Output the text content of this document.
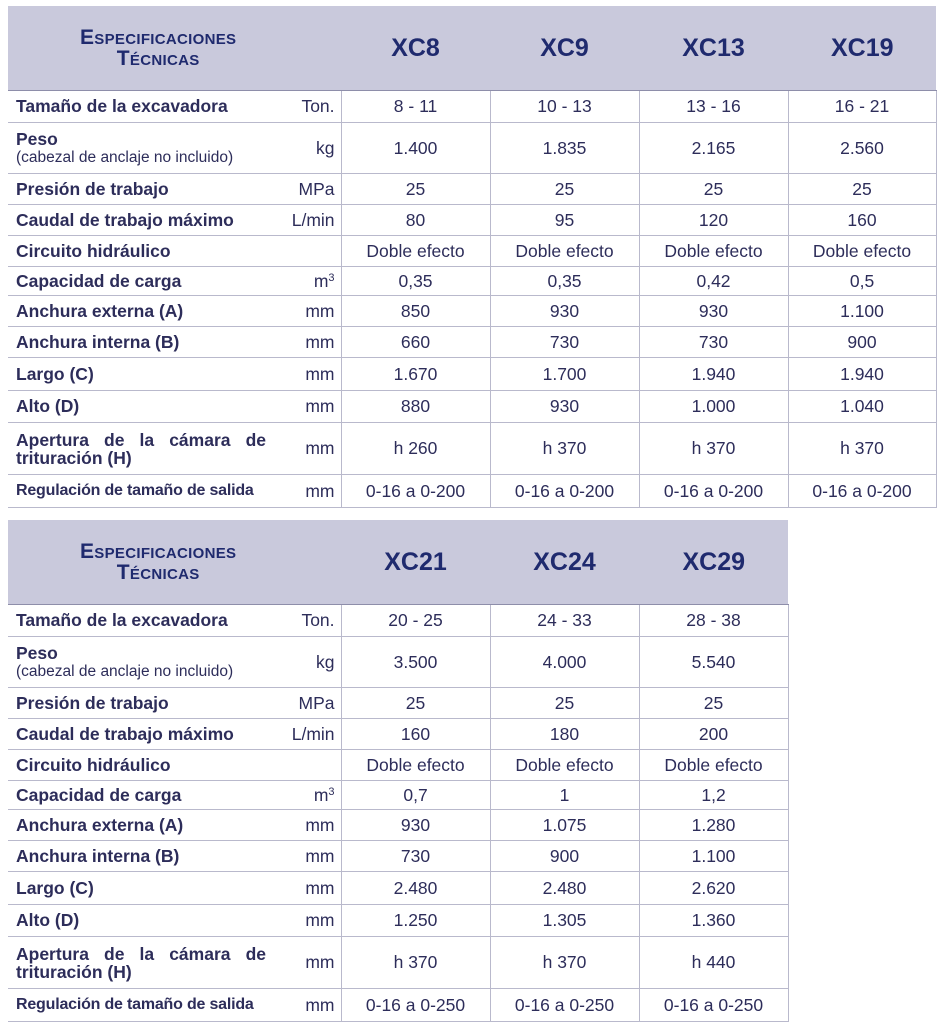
Especificaciones
Técnicas		XC8	XC9	XC13	XC19
Tamaño de la excavadora	Ton.	8 - 11	10 - 13	13 - 16	16 - 21

Peso
(cabezal de anclaje no incluido)	kg	1.400	1.835	2.165	2.560
Presión de trabajo	MPa	25	25	25	25
Caudal de trabajo máximo	L/min	80	95	120	160
Circuito hidráulico		Doble efecto	Doble efecto	Doble efecto	Doble efecto
Capacidad de carga	$m^3$	0,35	0,35	0,42	0,5
Anchura externa (A)	mm	850	930	930	1.100
Anchura interna (B)	mm	660	730	730	900
Largo (C)	mm	1.670	1.700	1.940	1.940
Alto (D)	mm	880	930	1.000	1.040

Apertura de la cámara de trituración (H)	mm	h 260	h 370	h 370	h 370
Regulación de tamaño de salida	mm	0-16 a 0-200	0-16 a 0-200	0-16 a 0-200	0-16 a 0-200
Especificaciones
Técnicas		XC21	XC24	XC29
Tamaño de la excavadora	Ton.	20 - 25	24 - 33	28 - 38

Peso
(cabezal de anclaje no incluido)	kg	3.500	4.000	5.540
Presión de trabajo	MPa	25	25	25
Caudal de trabajo máximo	L/min	160	180	200
Circuito hidráulico		Doble efecto	Doble efecto	Doble efecto
Capacidad de carga	$m^3$	0,7	1	1,2
Anchura externa (A)	mm	930	1.075	1.280
Anchura interna (B)	mm	730	900	1.100
Largo (C)	mm	2.480	2.480	2.620
Alto (D)	mm	1.250	1.305	1.360

Apertura de la cámara de trituración (H)	mm	h 370	h 370	h 440
Regulación de tamaño de salida	mm	0-16 a 0-250	0-16 a 0-250	0-16 a 0-250
